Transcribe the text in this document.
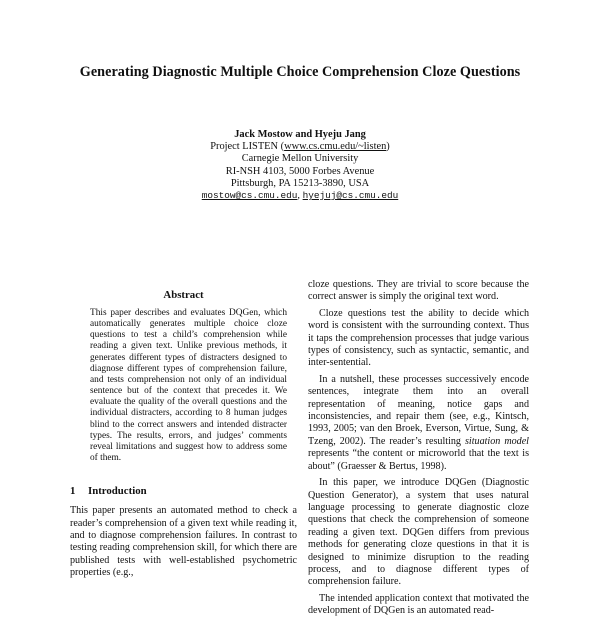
Generating Diagnostic Multiple Choice Comprehension Cloze Questions
Jack Mostow and Hyeju Jang
Project LISTEN (www.cs.cmu.edu/~listen)
Carnegie Mellon University
RI-NSH 4103, 5000 Forbes Avenue
Pittsburgh, PA 15213-3890, USA
mostow@cs.cmu.edu, hyejuj@cs.cmu.edu
Abstract
This paper describes and evaluates DQGen, which automatically generates multiple choice cloze questions to test a child’s comprehension while reading a given text. Unlike previous methods, it generates different types of distracters designed to diagnose different types of comprehension failure, and tests comprehension not only of an individual sentence but of the context that precedes it. We evaluate the quality of the overall questions and the individual distracters, according to 8 human judges blind to the correct answers and intended distracter types. The results, errors, and judges’ comments reveal limitations and suggest how to address some of them.
1 Introduction

This paper presents an automated method to check a reader’s comprehension of a given text while reading it, and to diagnose comprehension failures. In contrast to testing reading comprehension skill, for which there are published tests with well-established psychometric properties (e.g.,

cloze questions. They are trivial to score because the correct answer is simply the original text word.

Cloze questions test the ability to decide which word is consistent with the surrounding context. Thus it taps the comprehension processes that judge various types of consistency, such as syntactic, semantic, and inter-sentential.

In a nutshell, these processes successively encode sentences, integrate them into an overall representation of meaning, notice gaps and inconsistencies, and repair them (see, e.g., Kintsch, 1993, 2005; van den Broek, Everson, Virtue, Sung, & Tzeng, 2002). The reader’s resulting situation model represents “the content or microworld that the text is about” (Graesser & Bertus, 1998).

In this paper, we introduce DQGen (Diagnostic Question Generator), a system that uses natural language processing to generate diagnostic cloze questions that check the comprehension of someone reading a given text. DQGen differs from previous methods for generating cloze questions in that it is designed to minimize disruption to the reading process, and to diagnose different types of comprehension failure.

The intended application context that motivated the development of DQGen is an automated read-
